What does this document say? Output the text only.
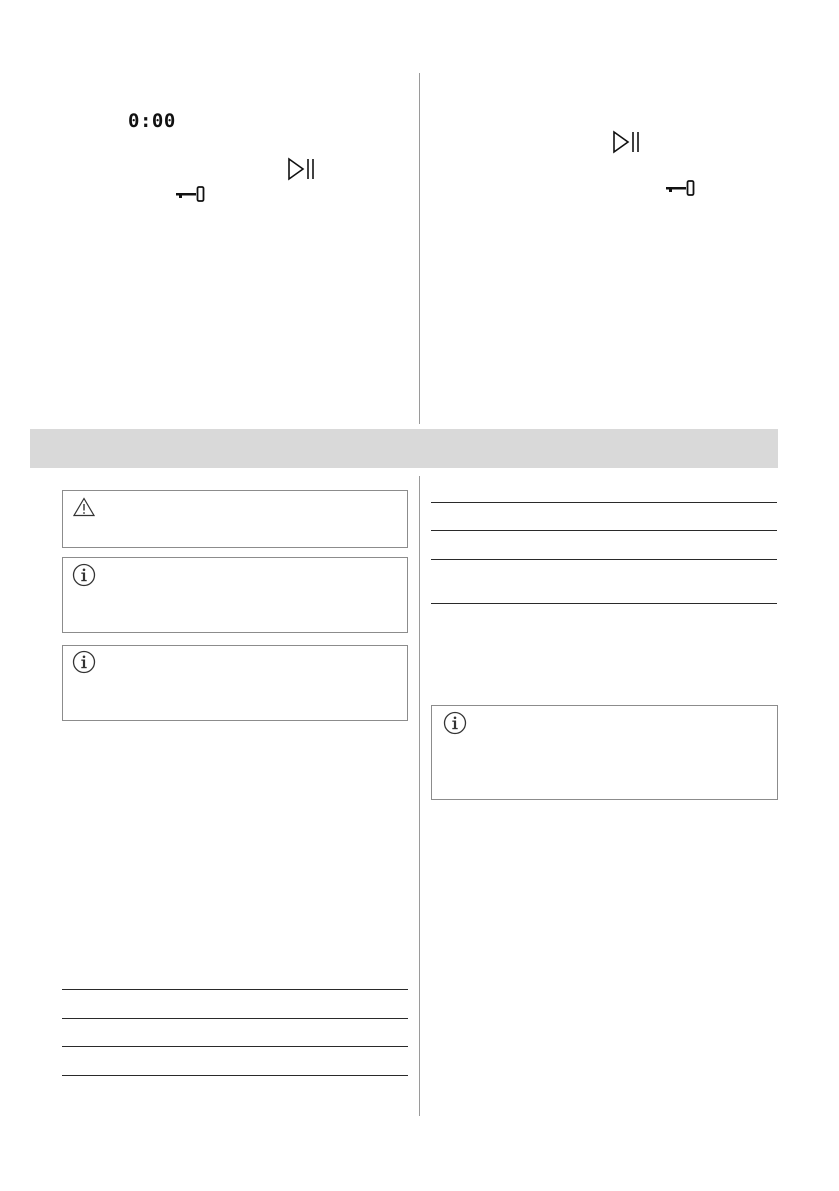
0:00
